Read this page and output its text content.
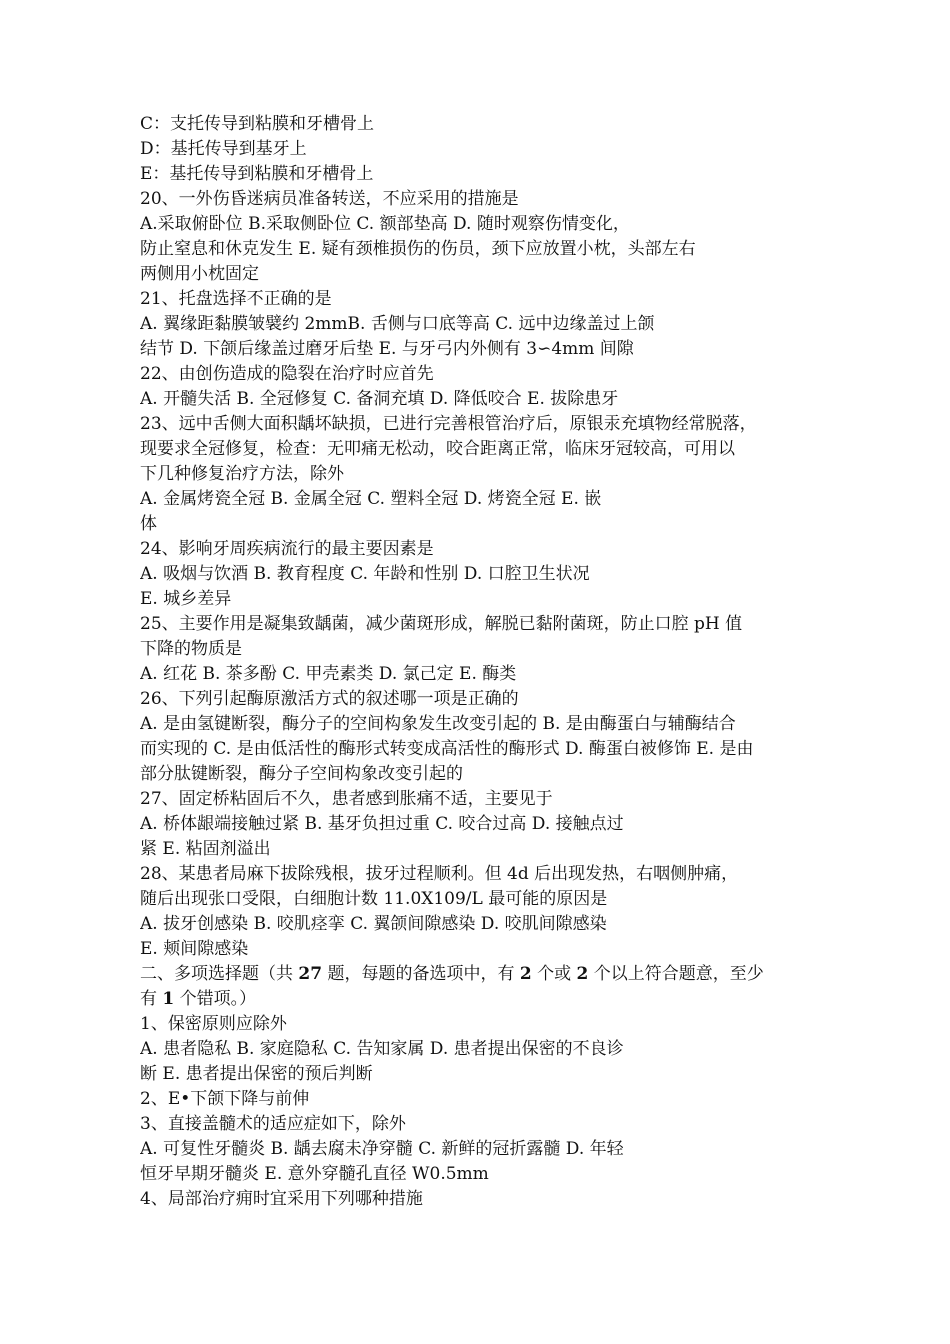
C：支托传导到粘膜和牙槽骨上
D：基托传导到基牙上
E：基托传导到粘膜和牙槽骨上
20、一外伤昏迷病员准备转送，不应采用的措施是
A.采取俯卧位 B.采取侧卧位 C. 额部垫高 D. 随时观察伤情变化，
防止窒息和休克发生 E. 疑有颈椎损伤的伤员，颈下应放置小枕，头部左右
两侧用小枕固定
21、托盘选择不正确的是
A. 翼缘距黏膜皱襞约 2mmB. 舌侧与口底等高 C. 远中边缘盖过上颌
结节 D. 下颌后缘盖过磨牙后垫 E. 与牙弓内外侧有 3∽4mm 间隙
22、由创伤造成的隐裂在治疗时应首先
A. 开髓失活 B. 全冠修复 C. 备洞充填 D. 降低咬合 E. 拔除患牙
23、远中舌侧大面积龋坏缺损，已进行完善根管治疗后，原银汞充填物经常脱落，
现要求全冠修复，检查：无叩痛无松动，咬合距离正常，临床牙冠较高，可用以
下几种修复治疗方法，除外
A. 金属烤瓷全冠 B. 金属全冠 C. 塑料全冠 D. 烤瓷全冠 E. 嵌
体
24、影响牙周疾病流行的最主要因素是
A. 吸烟与饮酒 B. 教育程度 C. 年龄和性别 D. 口腔卫生状况
E. 城乡差异
25、主要作用是凝集致龋菌，减少菌斑形成，解脱已黏附菌斑，防止口腔 pH 值
下降的物质是
A. 红花 B. 茶多酚 C. 甲壳素类 D. 氯己定 E. 酶类
26、下列引起酶原激活方式的叙述哪一项是正确的
A. 是由氢键断裂，酶分子的空间构象发生改变引起的 B. 是由酶蛋白与辅酶结合
而实现的 C. 是由低活性的酶形式转变成高活性的酶形式 D. 酶蛋白被修饰 E. 是由
部分肽键断裂，酶分子空间构象改变引起的
27、固定桥粘固后不久，患者感到胀痛不适，主要见于
A. 桥体龈端接触过紧 B. 基牙负担过重 C. 咬合过高 D. 接触点过
紧 E. 粘固剂溢出
28、某患者局麻下拔除残根，拔牙过程顺利。但 4d 后出现发热，右咽侧肿痛，
随后出现张口受限，白细胞计数 11.0X109/L 最可能的原因是
A. 拔牙创感染 B. 咬肌痉挛 C. 翼颌间隙感染 D. 咬肌间隙感染
E. 颊间隙感染
二、多项选择题（共 27 题，每题的备选项中，有 2 个或 2 个以上符合题意，至少
有 1 个错项。）
1、保密原则应除外
A. 患者隐私 B. 家庭隐私 C. 告知家属 D. 患者提出保密的不良诊
断 E. 患者提出保密的预后判断
2、E•下颌下降与前伸
3、直接盖髓术的适应症如下，除外
A. 可复性牙髓炎 B. 龋去腐未净穿髓 C. 新鲜的冠折露髓 D. 年轻
恒牙早期牙髓炎 E. 意外穿髓孔直径 W0.5mm
4、局部治疗痈时宜采用下列哪种措施
